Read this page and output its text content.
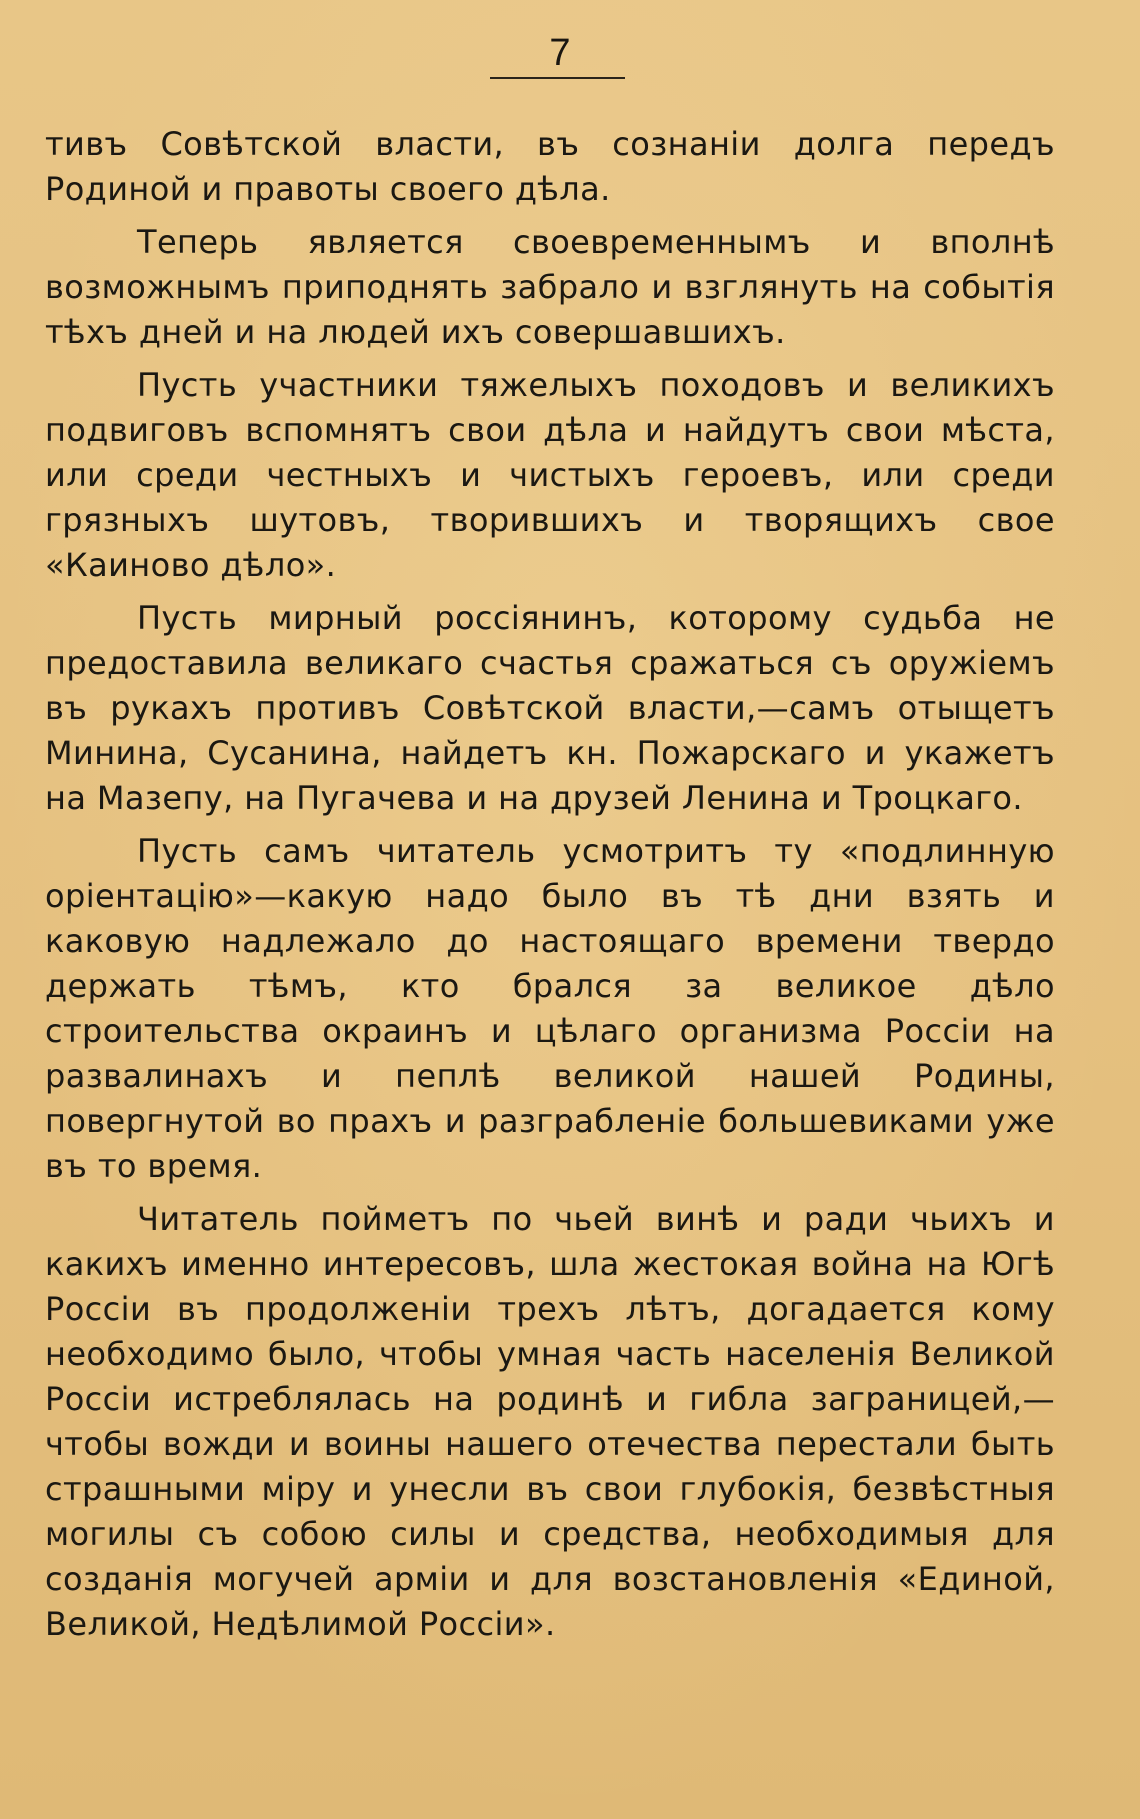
7

тивъ Совѣтской власти, въ сознаніи долга передъ Родиной и правоты своего дѣла.

Теперь является своевременнымъ и вполнѣ возможнымъ приподнять забрало и взглянуть на событія тѣхъ дней и на людей ихъ совершавшихъ.

Пусть участники тяжелыхъ походовъ и великихъ подвиговъ вспомнятъ свои дѣла и найдутъ свои мѣста, или среди честныхъ и чистыхъ героевъ, или среди грязныхъ шутовъ, творившихъ и творящихъ свое «Каиново дѣло».

Пусть мирный россіянинъ, которому судьба не предоставила великаго счастья сражаться съ оружіемъ въ рукахъ противъ Совѣтской власти,—самъ отыщетъ Минина, Сусанина, найдетъ кн. Пожарскаго и укажетъ на Мазепу, на Пугачева и на друзей Ленина и Троцкаго.

Пусть самъ читатель усмотритъ ту «подлинную оріентацію»—какую надо было въ тѣ дни взять и каковую надлежало до настоящаго времени твердо держать тѣмъ, кто брался за великое дѣло строительства окраинъ и цѣлаго организма Россіи на развалинахъ и пеплѣ великой нашей Родины, повергнутой во прахъ и разграбленіе большевиками уже въ то время.

Читатель пойметъ по чьей винѣ и ради чьихъ и какихъ именно интересовъ, шла жестокая война на Югѣ Россіи въ продолженіи трехъ лѣтъ, догадается кому необходимо было, чтобы умная часть населенія Великой Россіи истреблялась на родинѣ и гибла заграницей,—чтобы вожди и воины нашего отечества перестали быть страшными міру и унесли въ свои глубокія, безвѣстныя могилы съ собою силы и средства, необходимыя для созданія могучей арміи и для возстановленія «Единой, Великой, Недѣлимой Россіи».
